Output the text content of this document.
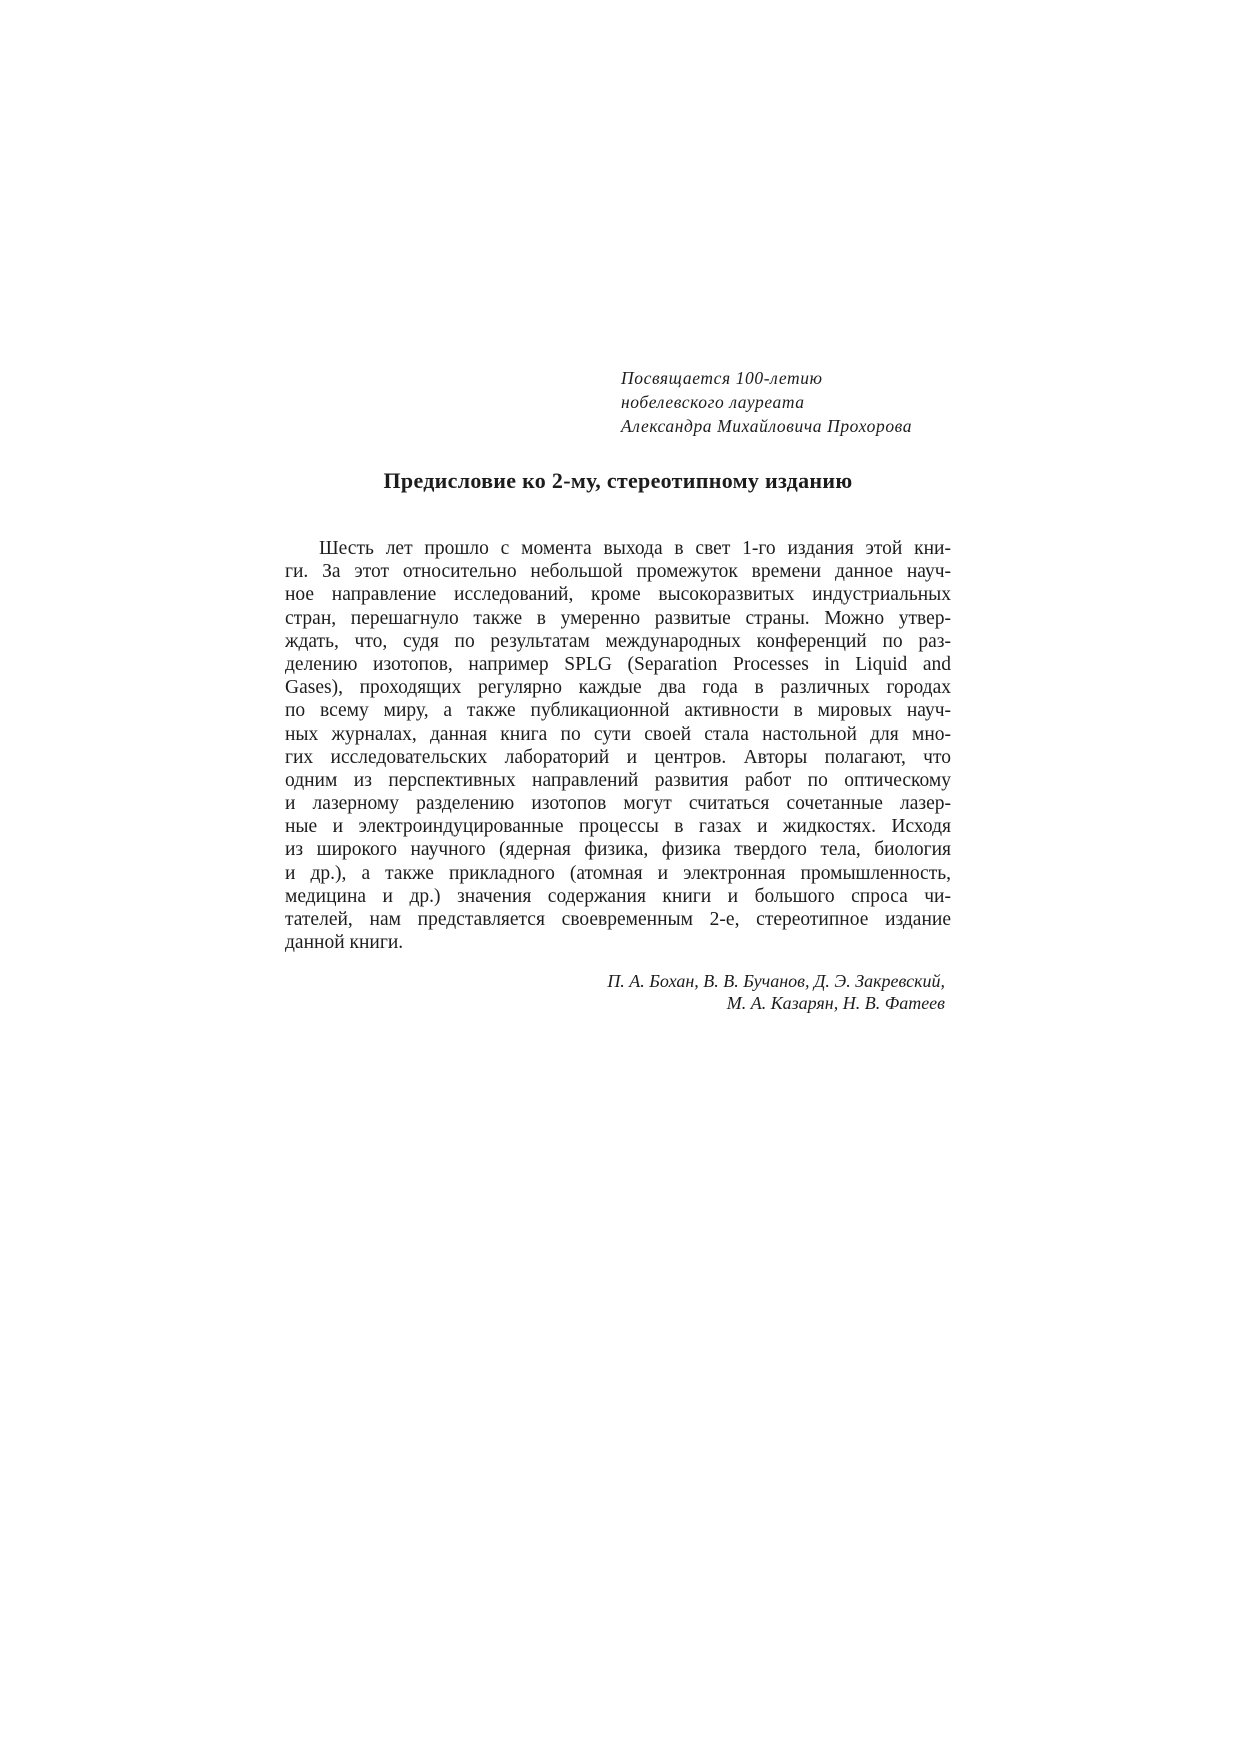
Посвящается 100-летию
нобелевского лауреата
Александра Михайловича Прохорова
Предисловие ко 2-му, стереотипному изданию
Шесть лет прошло с момента выхода в свет 1-го издания этой кни-
ги. За этот относительно небольшой промежуток времени данное науч-
ное направление исследований, кроме высокоразвитых индустриальных
стран, перешагнуло также в умеренно развитые страны. Можно утвер-
ждать, что, судя по результатам международных конференций по раз-
делению изотопов, например SPLG (Separation Processes in Liquid and
Gases), проходящих регулярно каждые два года в различных городах
по всему миру, а также публикационной активности в мировых науч-
ных журналах, данная книга по сути своей стала настольной для мно-
гих исследовательских лабораторий и центров. Авторы полагают, что
одним из перспективных направлений развития работ по оптическому
и лазерному разделению изотопов могут считаться сочетанные лазер-
ные и электроиндуцированные процессы в газах и жидкостях. Исходя
из широкого научного (ядерная физика, физика твердого тела, биология
и др.), а также прикладного (атомная и электронная промышленность,
медицина и др.) значения содержания книги и большого спроса чи-
тателей, нам представляется своевременным 2-е, стереотипное издание
данной книги.
П. А. Бохан, В. В. Бучанов, Д. Э. Закревский,
М. А. Казарян, Н. В. Фатеев
